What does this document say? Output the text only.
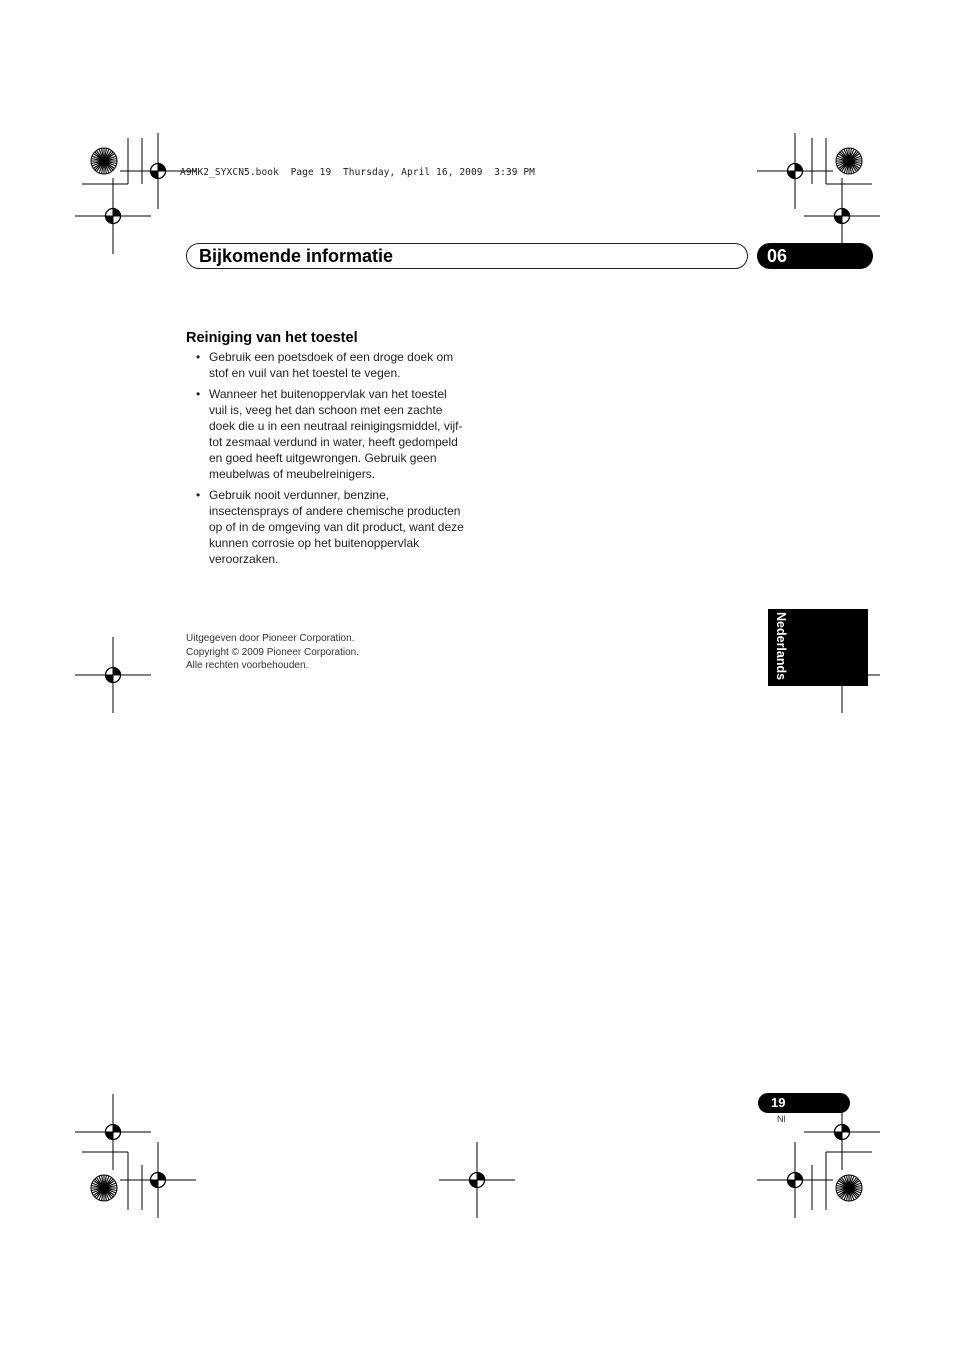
A9MK2_SYXCN5.book  Page 19  Thursday, April 16, 2009  3:39 PM
Bijkomende informatie	06
Reiniging van het toestel
• Gebruik een poetsdoek of een droge doek om stof en vuil van het toestel te vegen.
• Wanneer het buitenoppervlak van het toestel vuil is, veeg het dan schoon met een zachte doek die u in een neutraal reinigingsmiddel, vijf- tot zesmaal verdund in water, heeft gedompeld en goed heeft uitgewrongen. Gebruik geen meubelwas of meubelreinigers.
• Gebruik nooit verdunner, benzine, insectensprays of andere chemische producten op of in de omgeving van dit product, want deze kunnen corrosie op het buitenoppervlak veroorzaken.
Uitgegeven door Pioneer Corporation.
Copyright © 2009 Pioneer Corporation.
Alle rechten voorbehouden.	Nederlands
19
Nl
